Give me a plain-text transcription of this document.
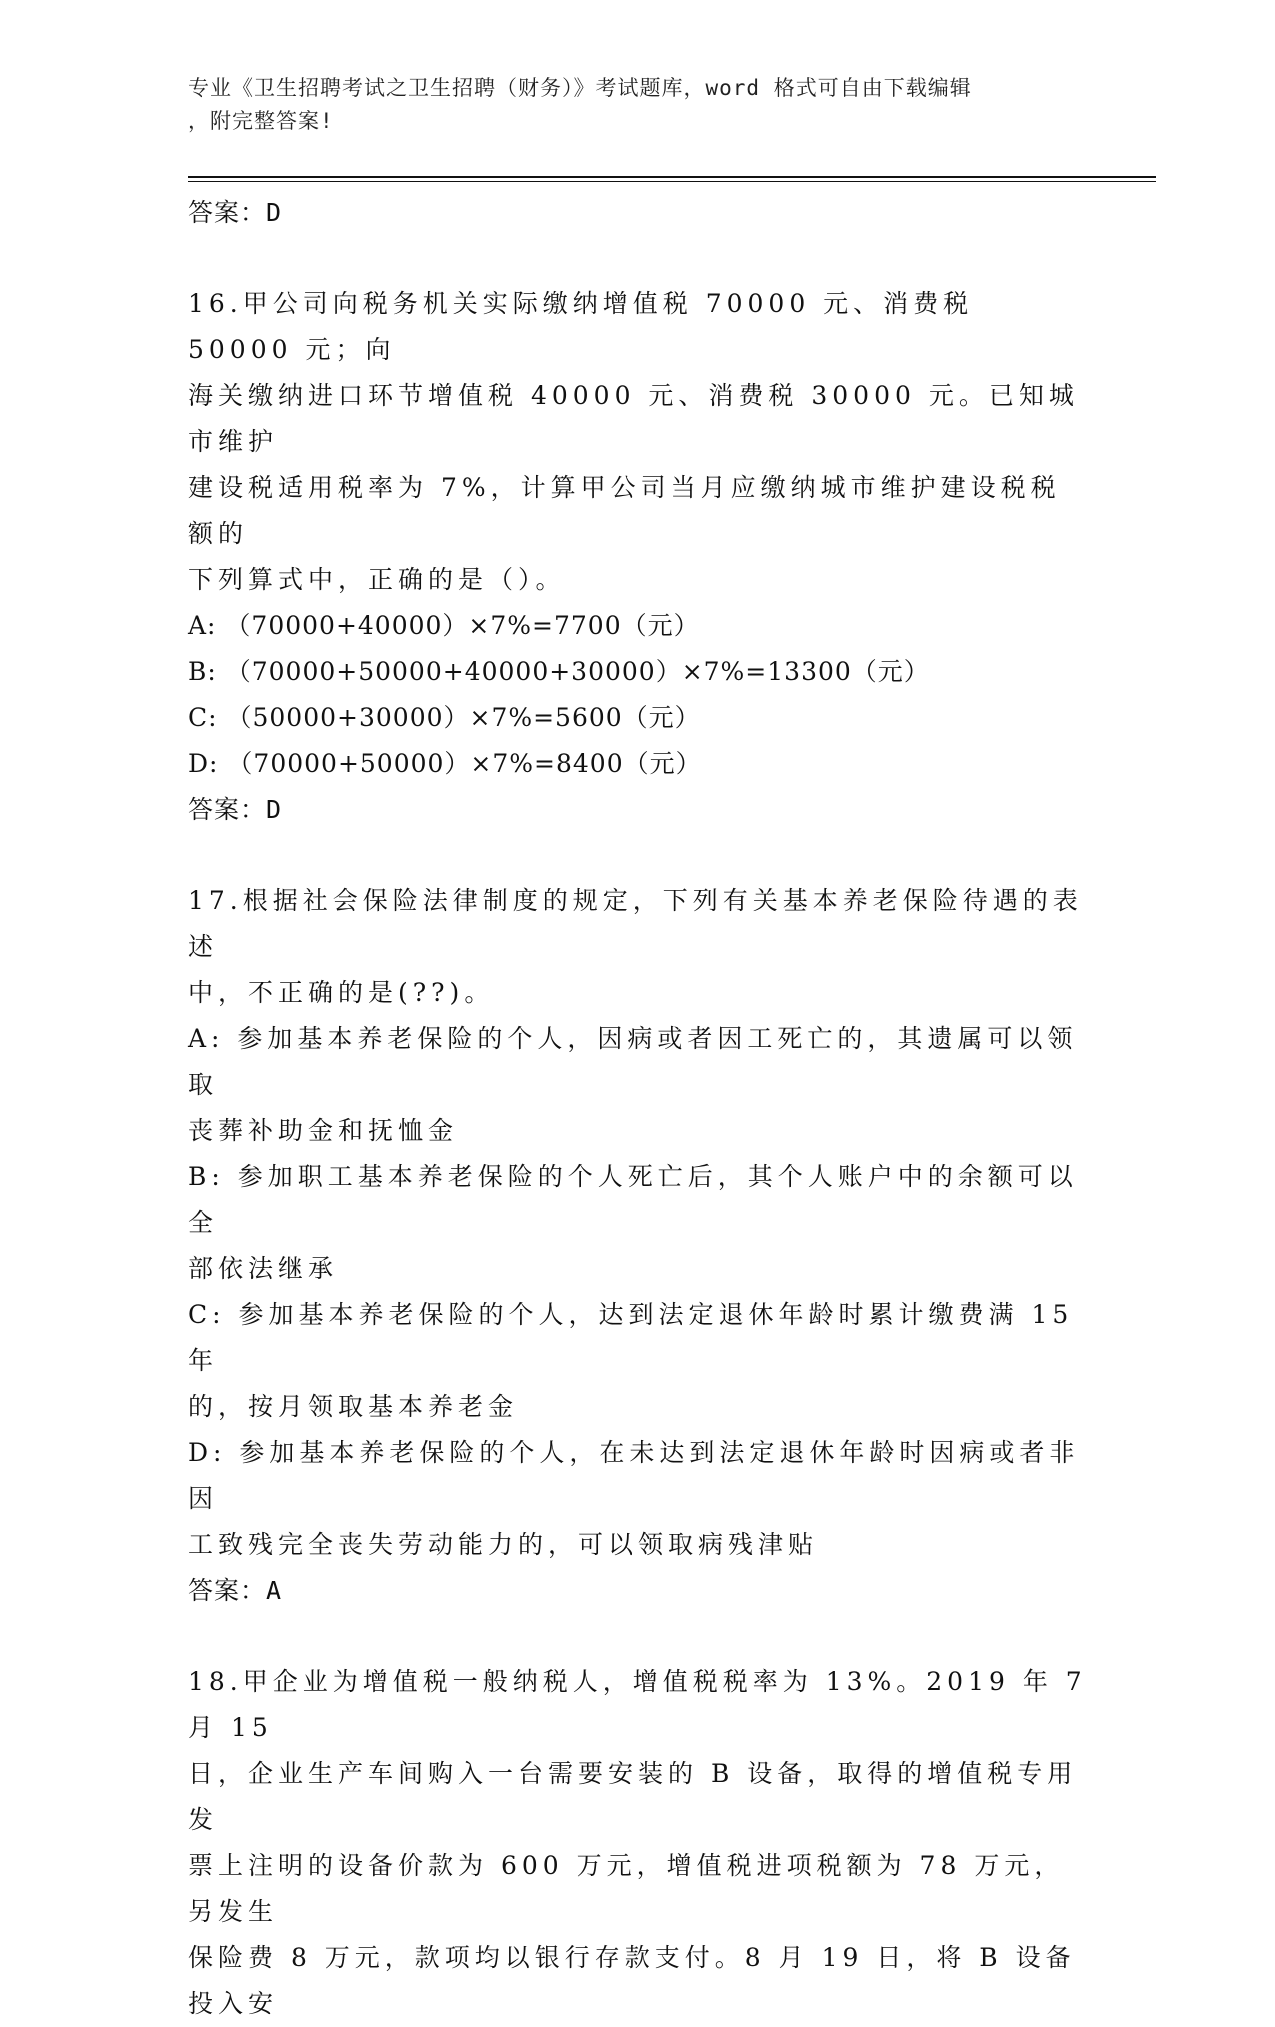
专业《卫生招聘考试之卫生招聘（财务）》考试题库，word 格式可自由下载编辑
，附完整答案!
答案：D

16.甲公司向税务机关实际缴纳增值税 70000 元、消费税 50000 元；向

海关缴纳进口环节增值税 40000 元、消费税 30000 元。已知城市维护

建设税适用税率为 7%，计算甲公司当月应缴纳城市维护建设税税额的

下列算式中，正确的是（）。

A: （70000+40000）×7%=7700（元）

B: （70000+50000+40000+30000）×7%=13300（元）

C: （50000+30000）×7%=5600（元）

D: （70000+50000）×7%=8400（元）

答案：D

17.根据社会保险法律制度的规定，下列有关基本养老保险待遇的表述

中，不正确的是(??)。

A: 参加基本养老保险的个人，因病或者因工死亡的，其遗属可以领取

丧葬补助金和抚恤金

B: 参加职工基本养老保险的个人死亡后，其个人账户中的余额可以全

部依法继承

C: 参加基本养老保险的个人，达到法定退休年龄时累计缴费满 15 年

的，按月领取基本养老金

D: 参加基本养老保险的个人，在未达到法定退休年龄时因病或者非因

工致残完全丧失劳动能力的，可以领取病残津贴

答案：A

18.甲企业为增值税一般纳税人，增值税税率为 13%。2019 年 7 月 15

日，企业生产车间购入一台需要安装的 B 设备，取得的增值税专用发

票上注明的设备价款为 600 万元，增值税进项税额为 78 万元，另发生

保险费 8 万元，款项均以银行存款支付。8 月 19 日，将 B 设备投入安
